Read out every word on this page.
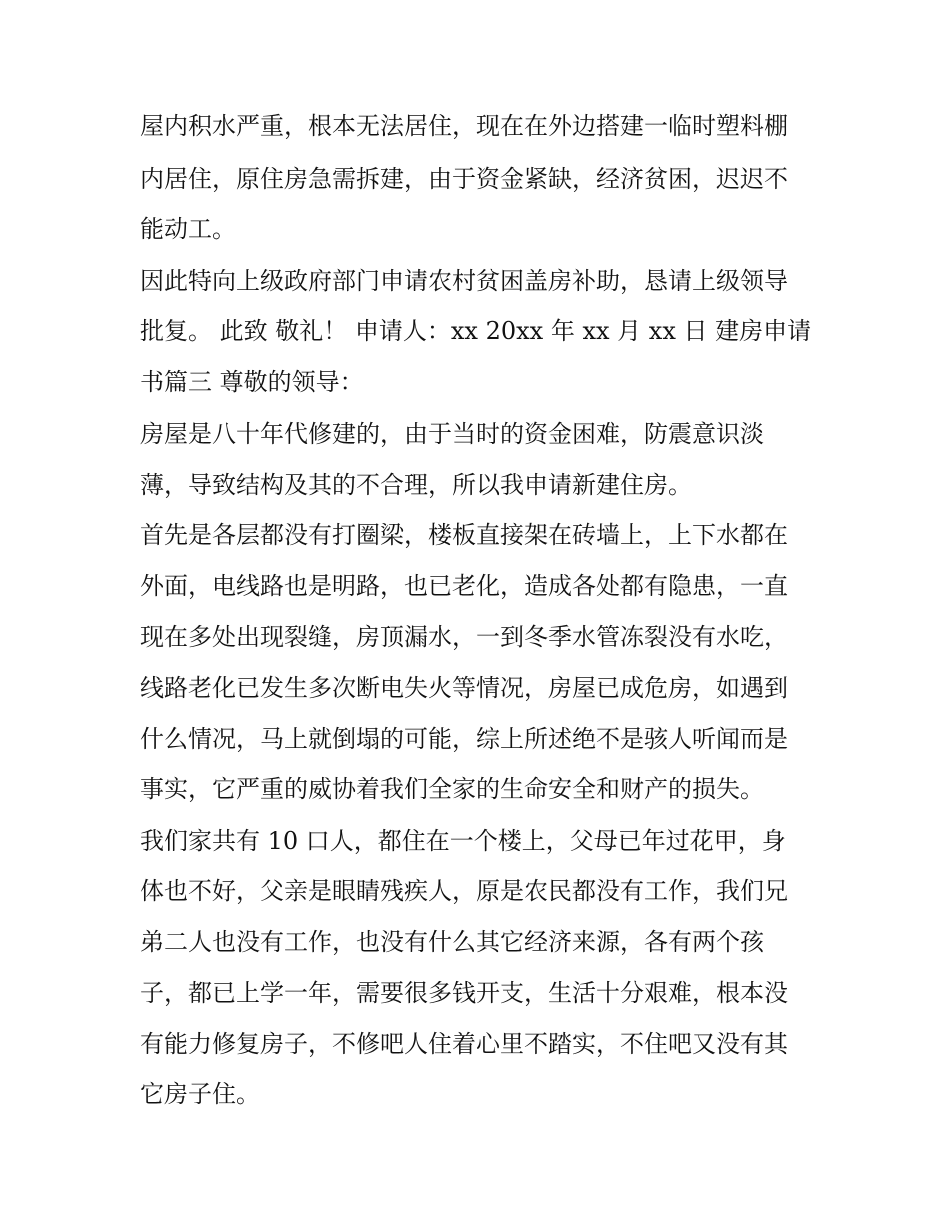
屋内积水严重，根本无法居住，现在在外边搭建一临时塑料棚
内居住，原住房急需拆建，由于资金紧缺，经济贫困，迟迟不
能动工。
因此特向上级政府部门申请农村贫困盖房补助，恳请上级领导
批复。 此致 敬礼！ 申请人：xx 20xx 年 xx 月 xx 日 建房申请
书篇三 尊敬的领导：
房屋是八十年代修建的，由于当时的资金困难，防震意识淡
薄，导致结构及其的不合理，所以我申请新建住房。
首先是各层都没有打圈梁，楼板直接架在砖墙上，上下水都在
外面，电线路也是明路，也已老化，造成各处都有隐患，一直
现在多处出现裂缝，房顶漏水，一到冬季水管冻裂没有水吃，
线路老化已发生多次断电失火等情况，房屋已成危房，如遇到
什么情况，马上就倒塌的可能，综上所述绝不是骇人听闻而是
事实，它严重的威协着我们全家的生命安全和财产的损失。
我们家共有 10 口人，都住在一个楼上，父母已年过花甲，身
体也不好，父亲是眼睛残疾人，原是农民都没有工作，我们兄
弟二人也没有工作，也没有什么其它经济来源，各有两个孩
子，都已上学一年，需要很多钱开支，生活十分艰难，根本没
有能力修复房子，不修吧人住着心里不踏实，不住吧又没有其
它房子住。
